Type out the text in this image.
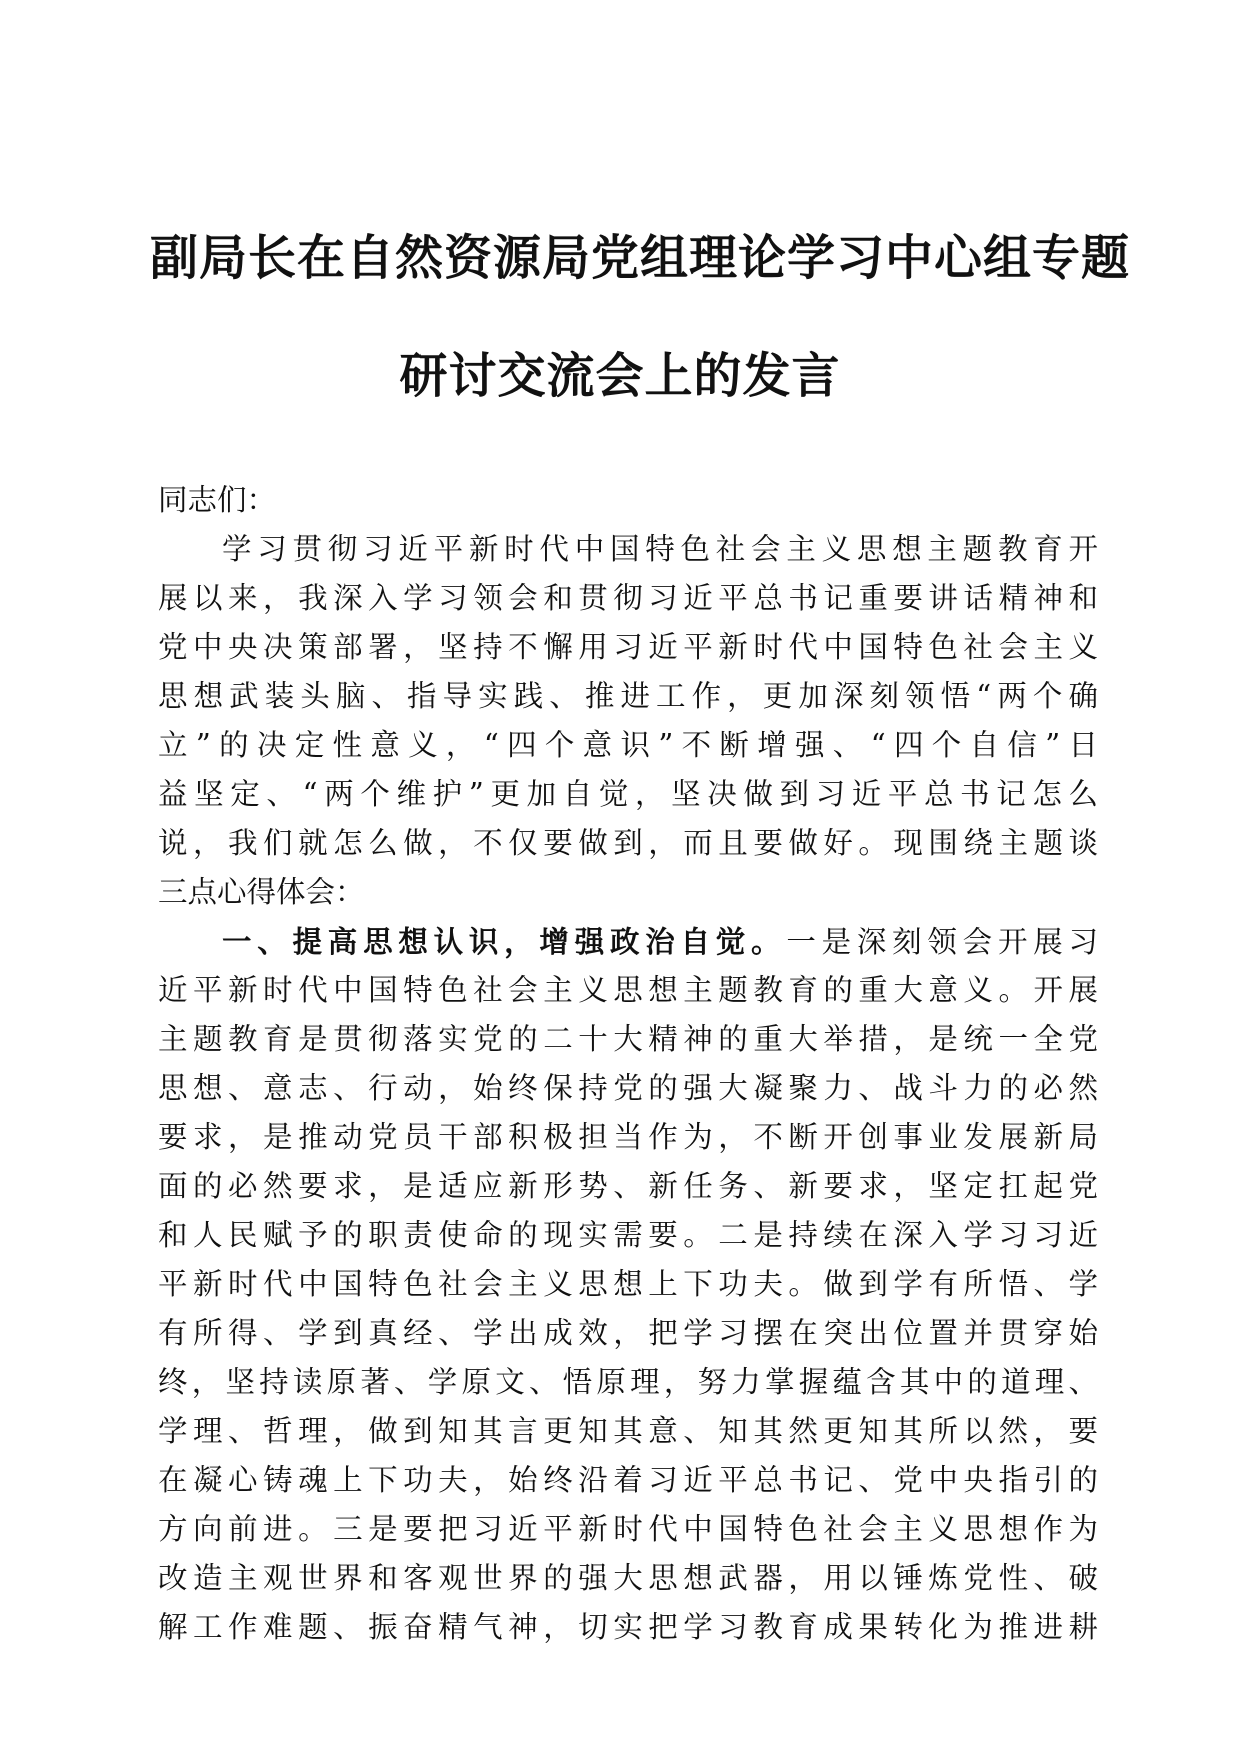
副局长在自然资源局党组理论学习中心组专题
研讨交流会上的发言
同志们：
学习贯彻习近平新时代中国特色社会主义思想主题教育开
展以来，我深入学习领会和贯彻习近平总书记重要讲话精神和
党中央决策部署，坚持不懈用习近平新时代中国特色社会主义
思想武装头脑、指导实践、推进工作，更加深刻领悟“两个确
立”的决定性意义，“四个意识”不断增强、“四个自信”日
益坚定、“两个维护”更加自觉，坚决做到习近平总书记怎么
说，我们就怎么做，不仅要做到，而且要做好。现围绕主题谈
三点心得体会：
一、提高思想认识，增强政治自觉。一是深刻领会开展习
近平新时代中国特色社会主义思想主题教育的重大意义。开展
主题教育是贯彻落实党的二十大精神的重大举措，是统一全党
思想、意志、行动，始终保持党的强大凝聚力、战斗力的必然
要求，是推动党员干部积极担当作为，不断开创事业发展新局
面的必然要求，是适应新形势、新任务、新要求，坚定扛起党
和人民赋予的职责使命的现实需要。二是持续在深入学习习近
平新时代中国特色社会主义思想上下功夫。做到学有所悟、学
有所得、学到真经、学出成效，把学习摆在突出位置并贯穿始
终，坚持读原著、学原文、悟原理，努力掌握蕴含其中的道理、
学理、哲理，做到知其言更知其意、知其然更知其所以然，要
在凝心铸魂上下功夫，始终沿着习近平总书记、党中央指引的
方向前进。三是要把习近平新时代中国特色社会主义思想作为
改造主观世界和客观世界的强大思想武器，用以锤炼党性、破
解工作难题、振奋精气神，切实把学习教育成果转化为推进耕
